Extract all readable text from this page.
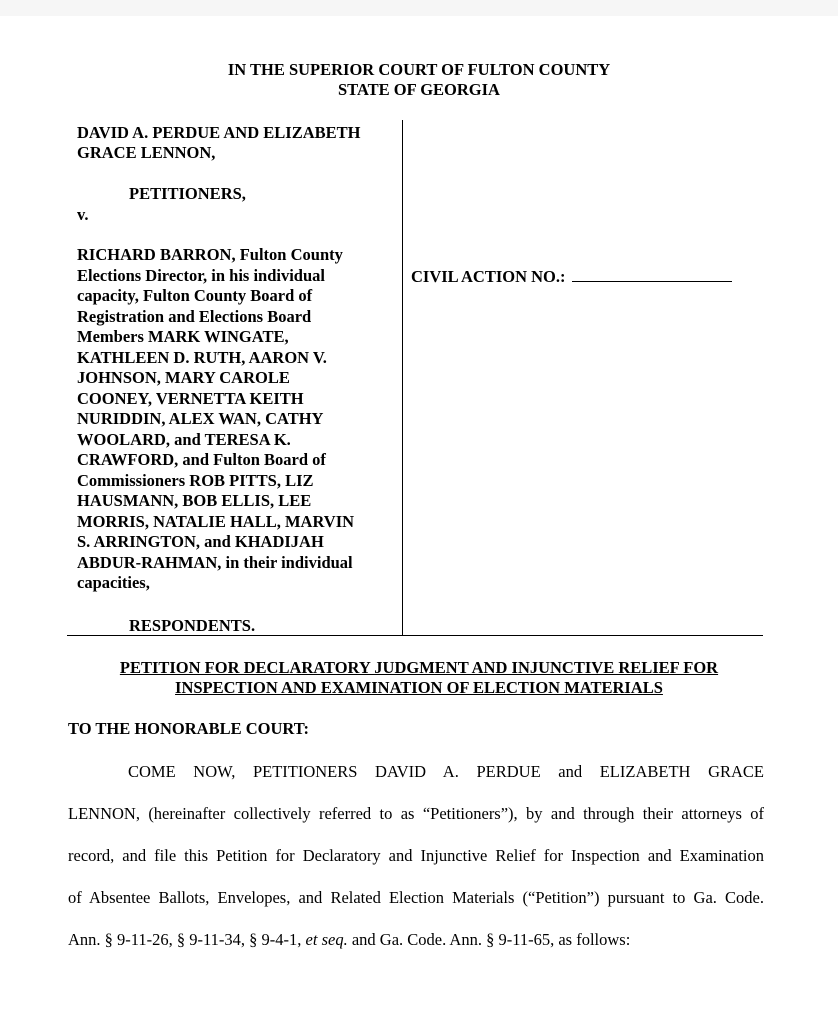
IN THE SUPERIOR COURT OF FULTON COUNTY
STATE OF GEORGIA
DAVID A. PERDUE AND ELIZABETH
GRACE LENNON,
PETITIONERS,
v.
RICHARD BARRON, Fulton County
Elections Director, in his individual
capacity, Fulton County Board of
Registration and Elections Board
Members MARK WINGATE,
KATHLEEN D. RUTH, AARON V.
JOHNSON, MARY CAROLE
COONEY, VERNETTA KEITH
NURIDDIN, ALEX WAN, CATHY
WOOLARD, and TERESA K.
CRAWFORD, and Fulton Board of
Commissioners ROB PITTS, LIZ
HAUSMANN, BOB ELLIS, LEE
MORRIS, NATALIE HALL, MARVIN
S. ARRINGTON, and KHADIJAH
ABDUR-RAHMAN, in their individual
capacities,
RESPONDENTS.
CIVIL ACTION NO.:
PETITION FOR DECLARATORY JUDGMENT AND INJUNCTIVE RELIEF FOR
INSPECTION AND EXAMINATION OF ELECTION MATERIALS
TO THE HONORABLE COURT:
COME NOW, PETITIONERS DAVID A. PERDUE and ELIZABETH GRACE
LENNON, (hereinafter collectively referred to as “Petitioners”), by and through their attorneys of
record, and file this Petition for Declaratory and Injunctive Relief for Inspection and Examination
of Absentee Ballots, Envelopes, and Related Election Materials (“Petition”) pursuant to Ga. Code.
Ann. § 9-11-26, § 9-11-34, § 9-4-1, et seq. and Ga. Code. Ann. § 9-11-65, as follows:
